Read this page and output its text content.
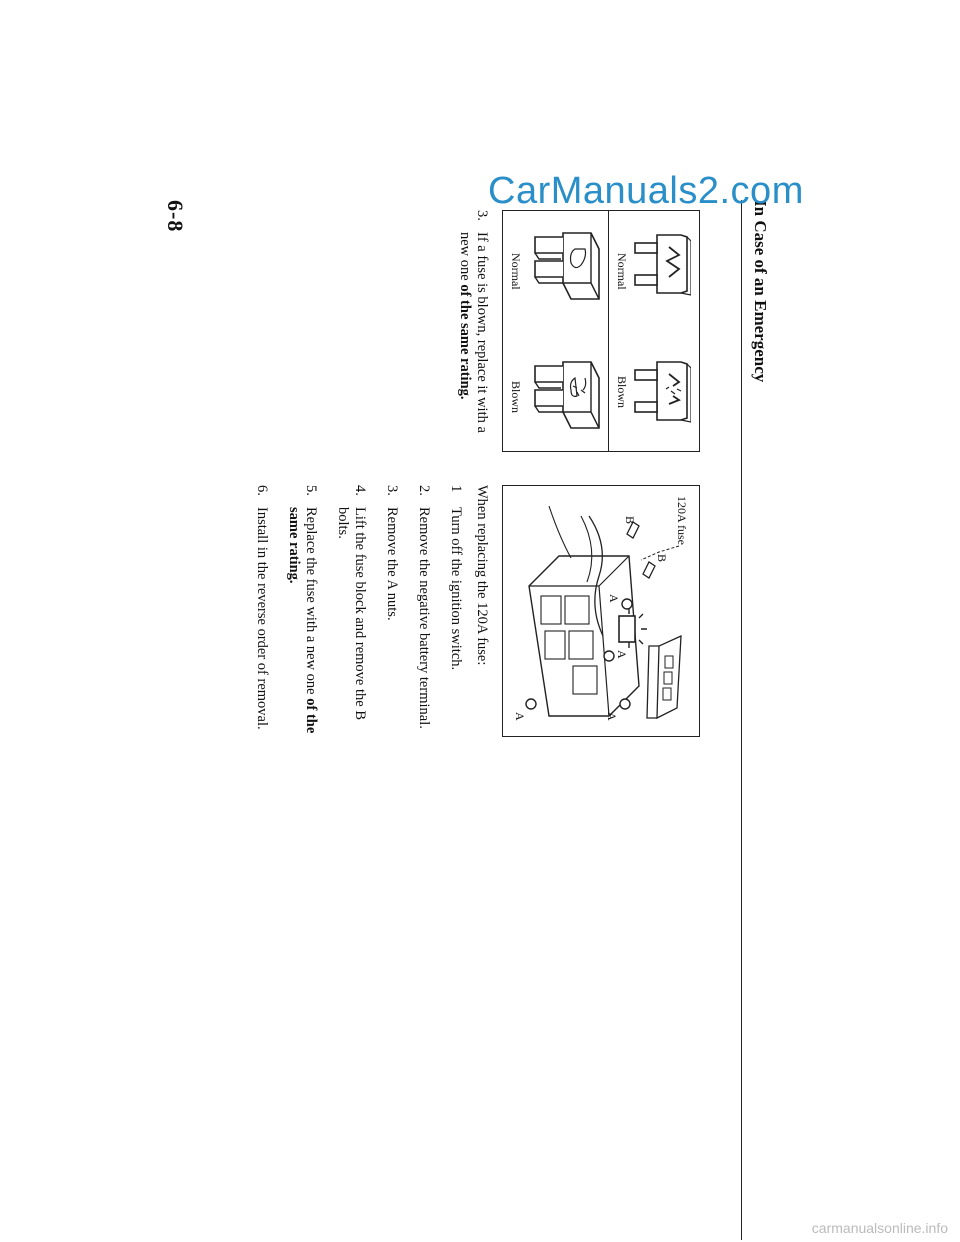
In Case of an Emergency
Normal
Blown
Normal
Blown
3.
If a fuse is blown, replace it with a new one of the same rating.
120A fuse
B
B
A
A
A
A
When replacing the 120A fuse:
1
Turn off the ignition switch.
2.
Remove the negative battery terminal.
3.
Remove the A nuts.
4.
Lift the fuse block and remove the B bolts.
5.
Replace the fuse with a new one of the same rating.
6.
Install in the reverse order of removal.
6-8
CarManuals2.com
carmanualsonline.info
